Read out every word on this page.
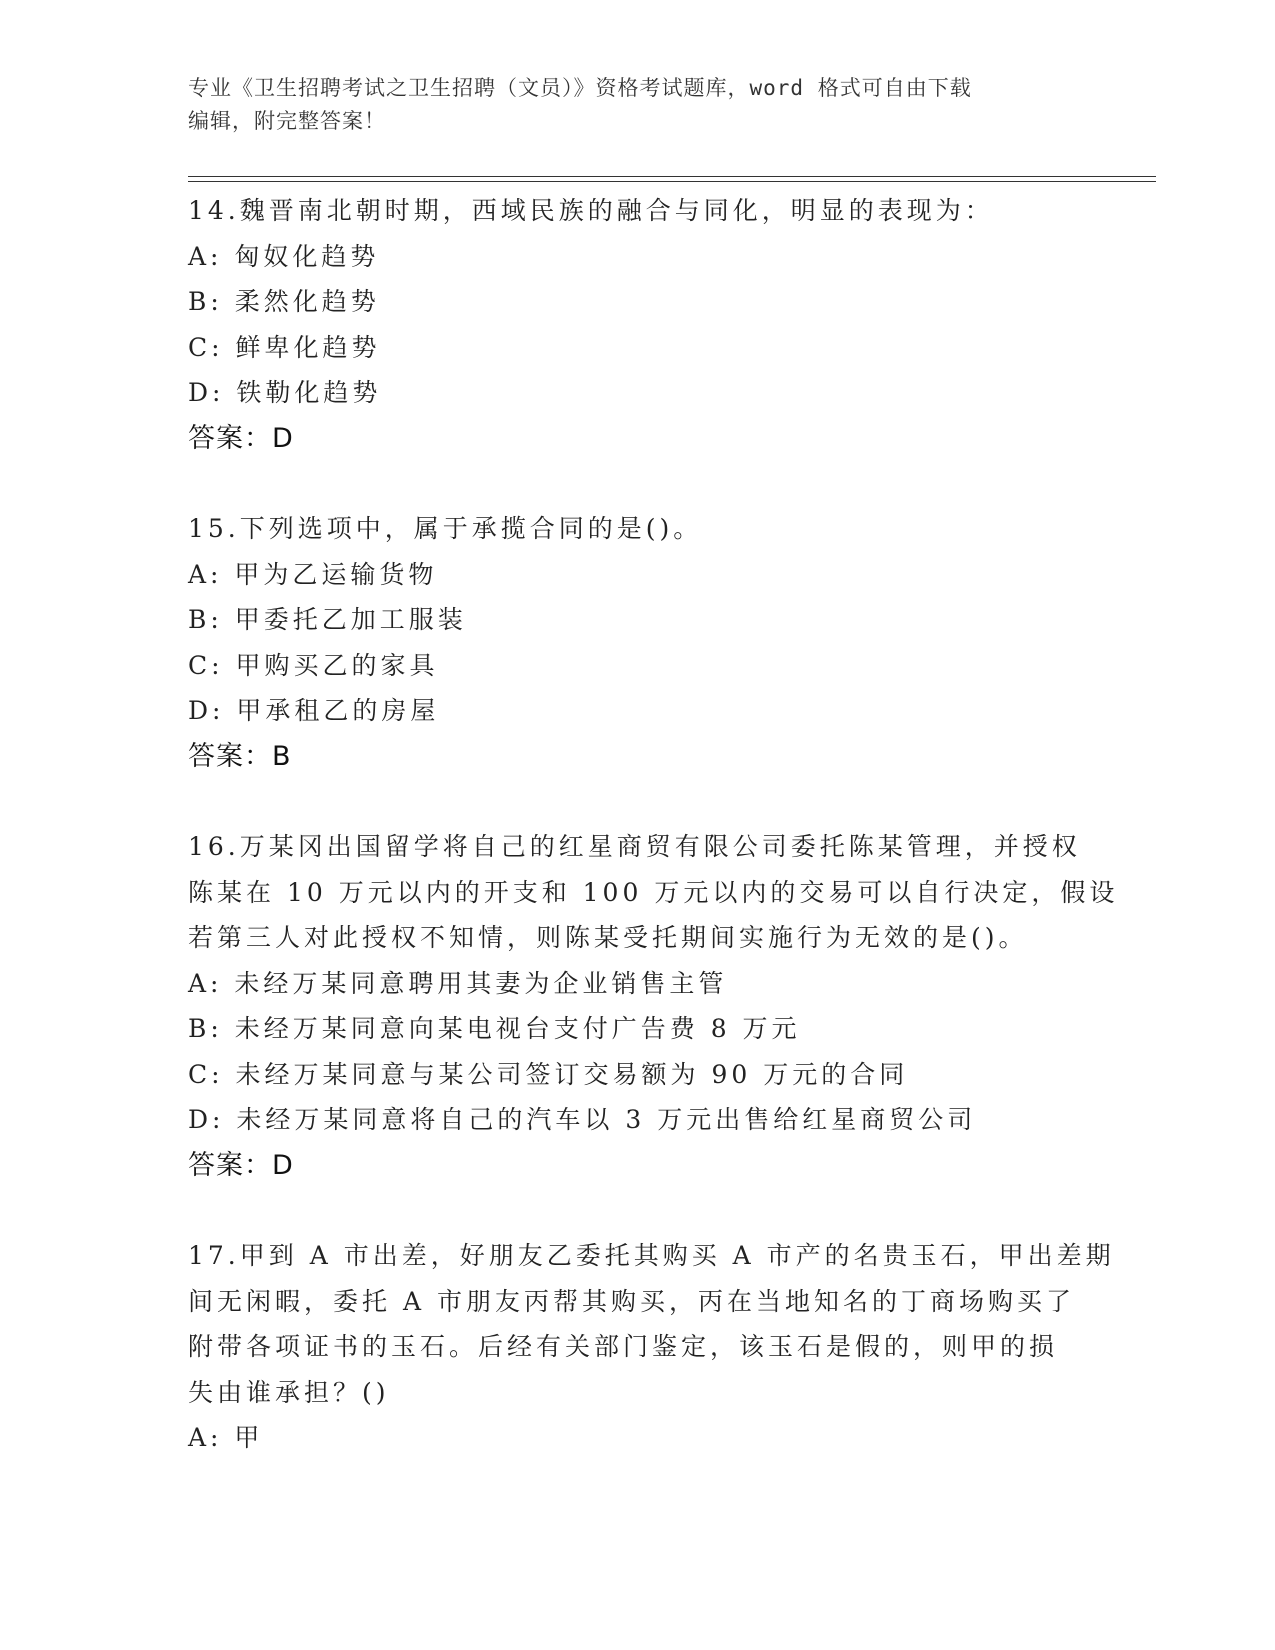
专业《卫生招聘考试之卫生招聘（文员）》资格考试题库，word 格式可自由下载
编辑，附完整答案！
14.魏晋南北朝时期，西域民族的融合与同化，明显的表现为：
A: 匈奴化趋势
B: 柔然化趋势
C: 鲜卑化趋势
D: 铁勒化趋势
答案：D
15.下列选项中，属于承揽合同的是()。
A: 甲为乙运输货物
B: 甲委托乙加工服装
C: 甲购买乙的家具
D: 甲承租乙的房屋
答案：B
16.万某冈出国留学将自己的红星商贸有限公司委托陈某管理，并授权
陈某在 10 万元以内的开支和 100 万元以内的交易可以自行决定，假设
若第三人对此授权不知情，则陈某受托期间实施行为无效的是()。
A: 未经万某同意聘用其妻为企业销售主管
B: 未经万某同意向某电视台支付广告费 8 万元
C: 未经万某同意与某公司签订交易额为 90 万元的合同
D: 未经万某同意将自己的汽车以 3 万元出售给红星商贸公司
答案：D
17.甲到 A 市出差，好朋友乙委托其购买 A 市产的名贵玉石，甲出差期
间无闲暇，委托 A 市朋友丙帮其购买，丙在当地知名的丁商场购买了
附带各项证书的玉石。后经有关部门鉴定，该玉石是假的，则甲的损
失由谁承担？()
A: 甲
